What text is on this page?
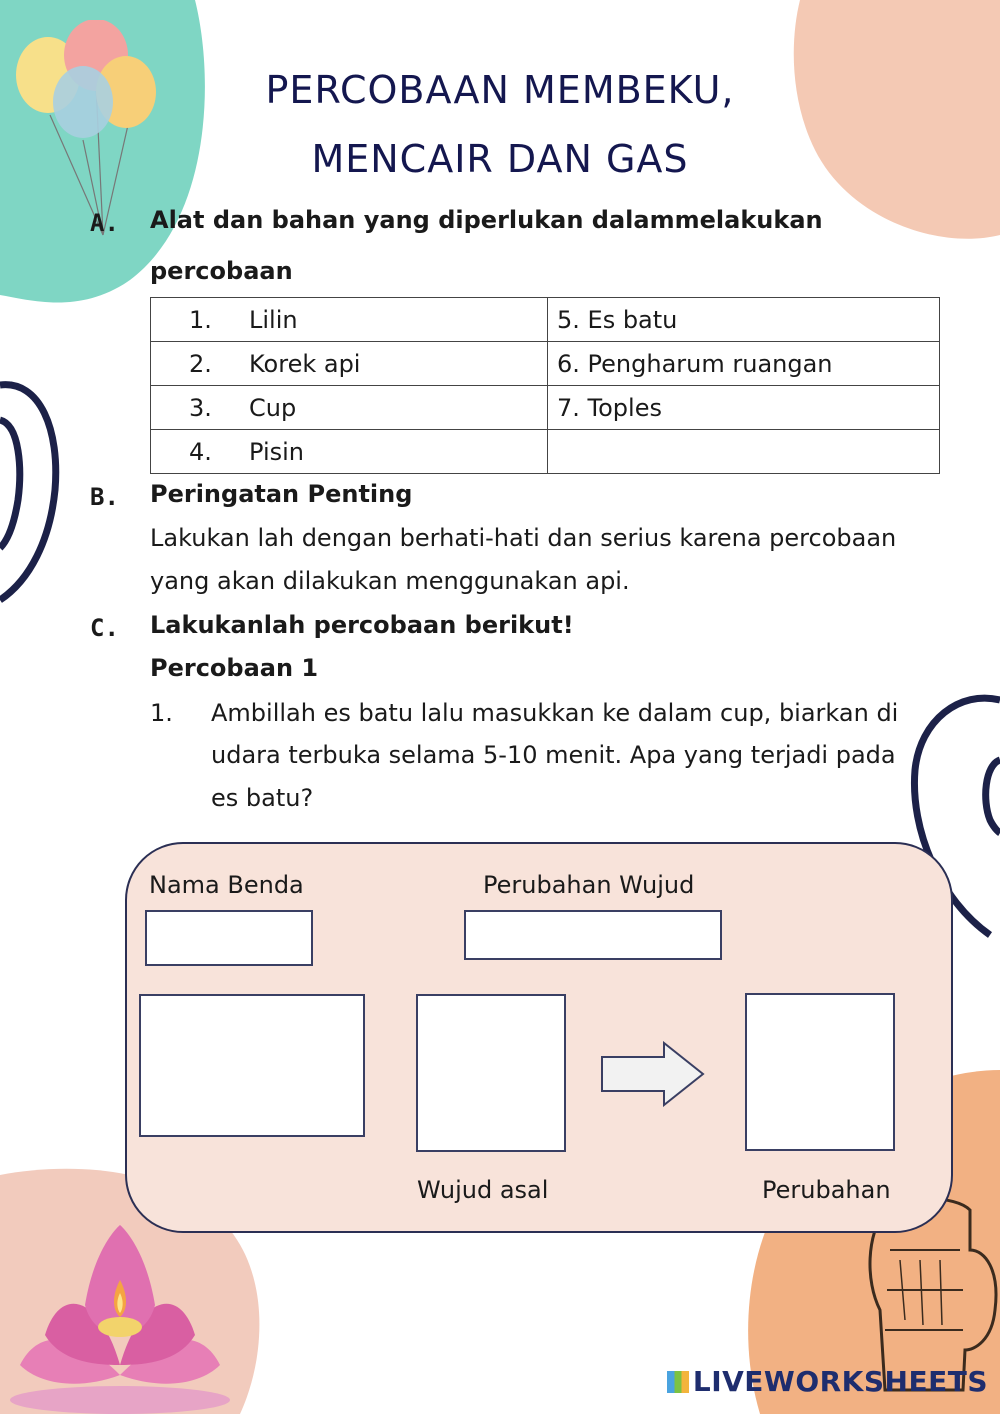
PERCOBAAN MEMBEKU,
MENCAIR DAN GAS
A. Alat dan bahan yang diperlukan dalammelakukan
percobaan
1. Lilin	5. Es batu
2. Korek api	6. Pengharum ruangan
3. Cup	7. Toples
4. Pisin	
B. Peringatan Penting
Lakukan lah dengan berhati-hati dan serius karena percobaan
yang akan dilakukan menggunakan api.
C. Lakukanlah percobaan berikut!
Percobaan 1
1. Ambillah es batu lalu masukkan ke dalam cup, biarkan di
udara terbuka selama 5-10 menit. Apa yang terjadi pada
es batu?
Nama Benda	Perubahan Wujud
Wujud asal	Perubahan
LIVEWORKSHEETS
